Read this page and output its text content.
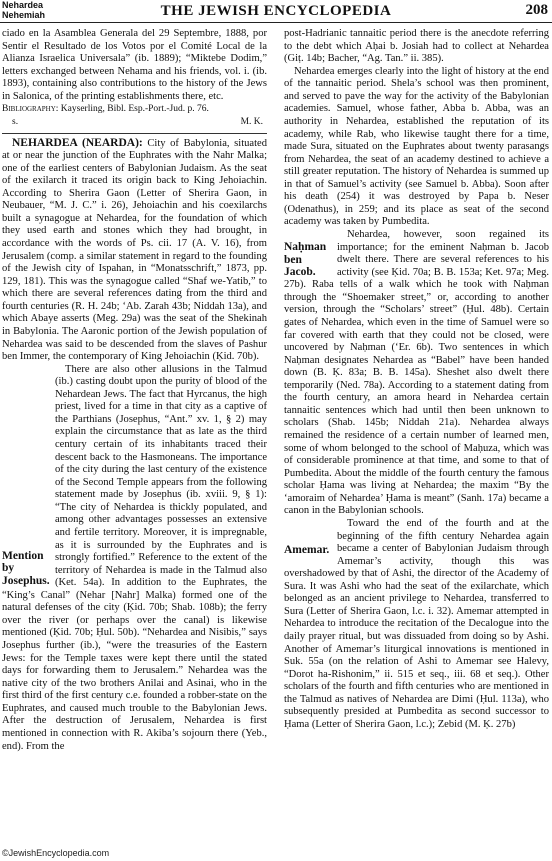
Nehardea
Nehemiah	THE JEWISH ENCYCLOPEDIA	208

ciado en la Asamblea Generala del 29 Septembre, 1888, por Sentir el Resultado de los Votos por el Comité Local de la Alianza Israelica Universala” (ib. 1889); “Miktebe Dodim,” letters exchanged between Nehama and his friends, vol. i. (ib. 1893), containing also contributions to the history of the Jews in Salonica, of the printing establishments there, etc.

Bibliography: Kayserling, Bibl. Esp.-Port.-Jud. p. 76.

s.	M. K.

NEHARDEA (NEARDA): City of Babylonia, situated at or near the junction of the Euphrates with the Nahr Malka; one of the earliest centers of Babylonian Judaism. As the seat of the exilarch it traced its origin back to King Jehoiachin. According to Sherira Gaon (Letter of Sherira Gaon, in Neubauer, “M. J. C.” i. 26), Jehoiachin and his coexilarchs built a synagogue at Nehardea, for the foundation of which they used earth and stones which they had brought, in accordance with the words of Ps. cii. 17 (A. V. 16), from Jerusalem (comp. a similar statement in regard to the founding of the Jewish city of Ispahan, in “Monatsschrift,” 1873, pp. 129, 181). This was the synagogue called “Shaf we-Yatib,” to which there are several references dating from the third and fourth centuries (R. H. 24b; ‘Ab. Zarah 43b; Niddah 13a), and which Abaye asserts (Meg. 29a) was the seat of the Shekinah in Babylonia. The Aaronic portion of the Jewish population of Nehardea was said to be descended from the slaves of Pashur ben Immer, the contemporary of King Jehoiachin (Ḳid. 70b).

Mention by Josephus.
There are also other allusions in the Talmud (ib.) casting doubt upon the purity of blood of the Nehardean Jews. The fact that Hyrcanus, the high priest, lived for a time in that city as a captive of the Parthians (Josephus, “Ant.” xv. 1, § 2) may explain the circumstance that as late as the third century certain of its inhabitants traced their descent back to the Hasmoneans. The importance of the city during the last century of the existence of the Second Temple appears from the following statement made by Josephus (ib. xviii. 9, § 1): “The city of Nehardea is thickly populated, and among other advantages possesses an extensive and fertile territory. Moreover, it is impregnable, as it is surrounded by the Euphrates and is strongly fortified.” Reference to the extent of the territory of Nehardea is made in the Talmud also (Ket. 54a). In addition to the Euphrates, the “King’s Canal” (Nehar [Nahr] Malka) formed one of the natural defenses of the city (Ḳid. 70b; Shab. 108b); the ferry over the river (or perhaps over the canal) is likewise mentioned (Ḳid. 70b; Ḥul. 50b). “Nehardea and Nisibis,” says Josephus further (ib.), “were the treasuries of the Eastern Jews: for the Temple taxes were kept there until the stated days for forwarding them to Jerusalem.” Nehardea was the native city of the two brothers Anilai and Asinai, who in the first third of the first century c.e. founded a robber-state on the Euphrates, and caused much trouble to the Babylonian Jews. After the destruction of Jerusalem, Nehardea is first mentioned in connection with R. Akiba’s sojourn there (Yeb., end). From the

post-Hadrianic tannaitic period there is the anecdote referring to the debt which Aḥai b. Josiah had to collect at Nehardea (Giṭ. 14b; Bacher, “Ag. Tan.” ii. 385).

Nehardea emerges clearly into the light of history at the end of the tannaitic period. Shela’s school was then prominent, and served to pave the way for the activity of the Babylonian academies. Samuel, whose father, Abba b. Abba, was an authority in Nehardea, established the reputation of its academy, while Rab, who likewise taught there for a time, made Sura, situated on the Euphrates about twenty parasangs from Nehardea, the seat of an academy destined to achieve a still greater reputation. The history of Nehardea is summed up in that of Samuel’s activity (see Samuel b. Abba). Soon after his death (254) it was destroyed by Papa b. Neser (Odenathus), in 259; and its place as seat of the second academy was taken by Pumbedita.

Naḥman ben Jacob.
Nehardea, however, soon regained its importance; for the eminent Naḥman b. Jacob dwelt there. There are several references to his activity (see Ḳid. 70a; B. B. 153a; Ket. 97a; Meg. 27b). Raba tells of a walk which he took with Naḥman through the “Shoemaker street,” or, according to another version, through the “Scholars’ street” (Ḥul. 48b). Certain gates of Nehardea, which even in the time of Samuel were so far covered with earth that they could not be closed, were uncovered by Naḥman (‘Er. 6b). Two sentences in which Naḥman designates Nehardea as “Babel” have been handed down (B. Ḳ. 83a; B. B. 145a). Sheshet also dwelt there temporarily (Ned. 78a). According to a statement dating from the fourth century, an amora heard in Nehardea certain tannaitic sentences which had until then been unknown to scholars (Shab. 145b; Niddah 21a). Nehardea always remained the residence of a certain number of learned men, some of whom belonged to the school of Maḥuza, which was of considerable prominence at that time, and some to that of Pumbedita. About the middle of the fourth century the famous scholar Ḥama was living at Nehardea; the maxim “By the ‘amoraim of Nehardea’ Ḥama is meant” (Sanh. 17a) became a canon in the Babylonian schools.

Amemar.
Toward the end of the fourth and at the beginning of the fifth century Nehardea again became a center of Babylonian Judaism through Amemar’s activity, though this was overshadowed by that of Ashi, the director of the Academy of Sura. It was Ashi who had the seat of the exilarchate, which belonged as an ancient privilege to Nehardea, transferred to Sura (Letter of Sherira Gaon, l.c. i. 32). Amemar attempted in Nehardea to introduce the recitation of the Decalogue into the daily prayer ritual, but was dissuaded from doing so by Ashi. Another of Amemar’s liturgical innovations is mentioned in Suk. 55a (on the relation of Ashi to Amemar see Halevy, “Dorot ha-Rishonim,” ii. 515 et seq., iii. 68 et seq.). Other scholars of the fourth and fifth centuries who are mentioned in the Talmud as natives of Nehardea are Dimi (Ḥul. 113a), who subsequently presided at Pumbedita as second successor to Ḥama (Letter of Sherira Gaon, l.c.); Zebid (M. Ḳ. 27b)

©JewishEncyclopedia.com
